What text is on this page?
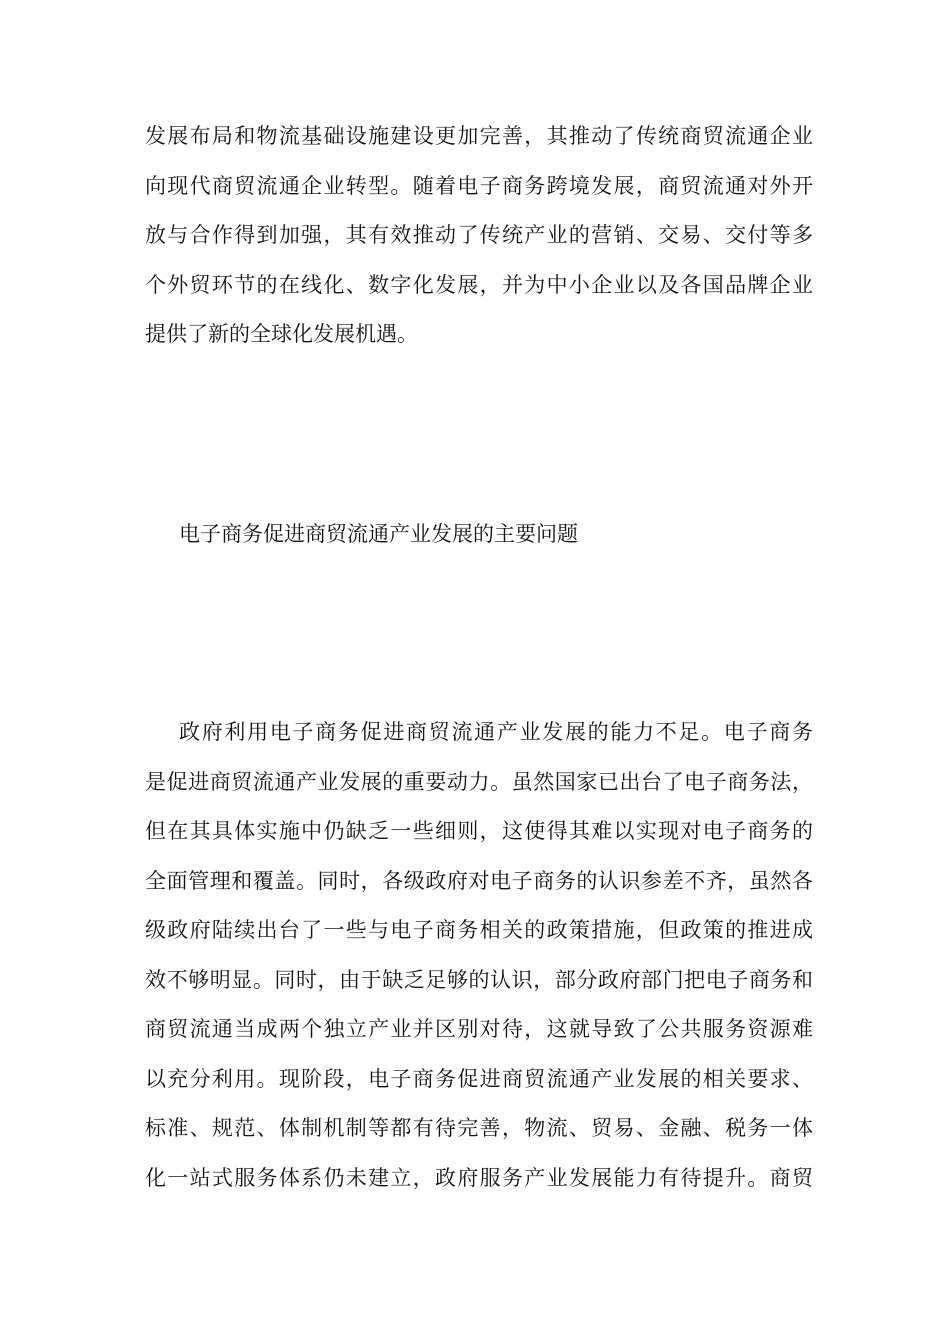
发展布局和物流基础设施建设更加完善，其推动了传统商贸流通企业
向现代商贸流通企业转型。随着电子商务跨境发展，商贸流通对外开
放与合作得到加强，其有效推动了传统产业的营销、交易、交付等多
个外贸环节的在线化、数字化发展，并为中小企业以及各国品牌企业
提供了新的全球化发展机遇。
电子商务促进商贸流通产业发展的主要问题
政府利用电子商务促进商贸流通产业发展的能力不足。电子商务
是促进商贸流通产业发展的重要动力。虽然国家已出台了电子商务法，
但在其具体实施中仍缺乏一些细则，这使得其难以实现对电子商务的
全面管理和覆盖。同时，各级政府对电子商务的认识参差不齐，虽然各
级政府陆续出台了一些与电子商务相关的政策措施，但政策的推进成
效不够明显。同时，由于缺乏足够的认识，部分政府部门把电子商务和
商贸流通当成两个独立产业并区别对待，这就导致了公共服务资源难
以充分利用。现阶段，电子商务促进商贸流通产业发展的相关要求、
标准、规范、体制机制等都有待完善，物流、贸易、金融、税务一体
化一站式服务体系仍未建立，政府服务产业发展能力有待提升。商贸
